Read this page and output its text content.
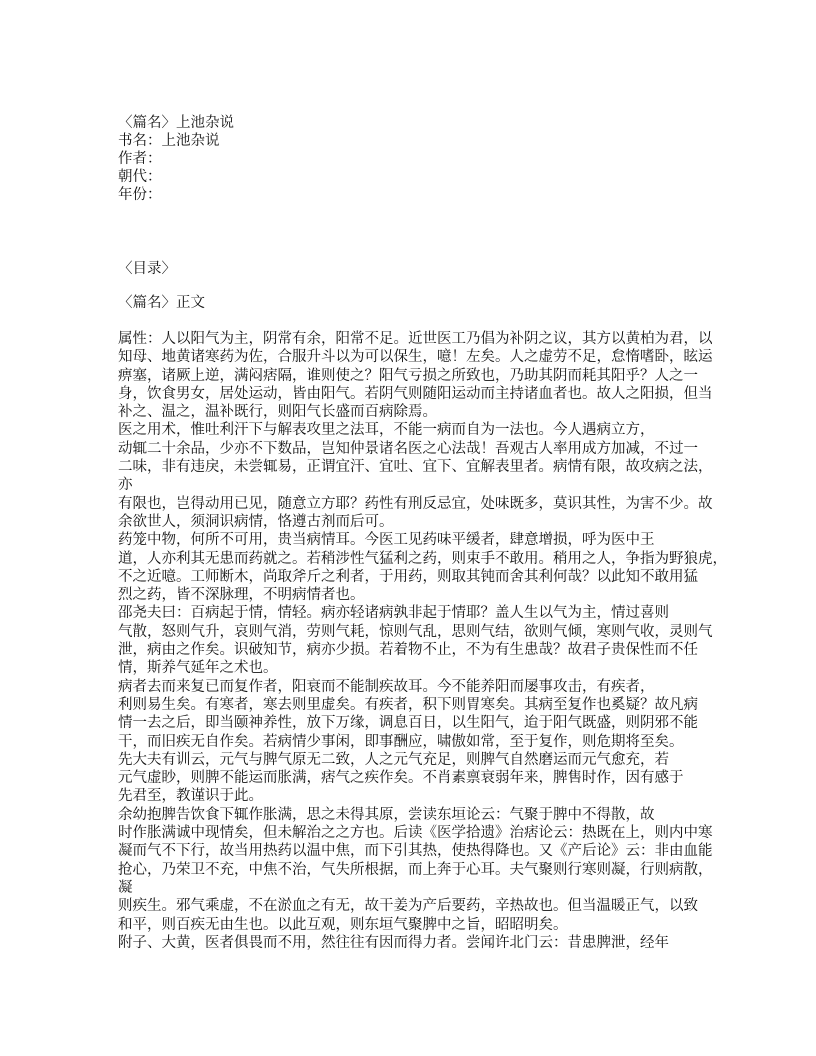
〈篇名〉上池杂说
书名：上池杂说
作者：
朝代：
年份：
〈目录〉
〈篇名〉正文
属性：人以阳气为主，阴常有余，阳常不足。近世医工乃倡为补阴之议，其方以黄柏为君，以
知母、地黄诸寒药为佐，合服升斗以为可以保生，噫！左矣。人之虚劳不足，怠惰嗜卧，眩运
痹塞，诸厥上逆，满闷痞隔，谁则使之？阳气亏损之所致也，乃助其阴而耗其阳乎？人之一
身，饮食男女，居处运动，皆由阳气。若阴气则随阳运动而主持诸血者也。故人之阳损，但当
补之、温之，温补既行，则阳气长盛而百病除焉。
医之用术，惟吐利汗下与解表攻里之法耳，不能一病而自为一法也。今人遇病立方，
动辄二十余品，少亦不下数品，岂知仲景诸名医之心法哉！吾观古人率用成方加减，不过一
二味，非有违戾，未尝辄易，正谓宜汗、宜吐、宜下、宜解表里者。病情有限，故攻病之法，
亦
有限也，岂得动用已见，随意立方耶？药性有刑反忌宜，处味既多，莫识其性，为害不少。故
余欲世人，须洞识病情，恪遵古剂而后可。
药笼中物，何所不可用，贵当病情耳。今医工见药味平缓者，肆意增损，呼为医中王
道，人亦利其无患而药就之。若稍涉性气猛利之药，则束手不敢用。稍用之人，争指为野狼虎，
不之近噫。工师断木，尚取斧斤之利者，于用药，则取其钝而舍其利何哉？以此知不敢用猛
烈之药，皆不深脉理，不明病情者也。
邵尧夫曰：百病起于情，情轻。病亦轻诸病孰非起于情耶？盖人生以气为主，情过喜则
气散，怒则气升，哀则气消，劳则气耗，惊则气乱，思则气结，欲则气倾，寒则气收，灵则气
泄，病由之作矣。识破知节，病亦少损。若着物不止，不为有生患哉？故君子贵保性而不任
情，斯养气延年之术也。
病者去而来复已而复作者，阳衰而不能制疾故耳。今不能养阳而屡事攻击，有疾者，
利则易生矣。有寒者，寒去则里虚矣。有疾者，积下则胃寒矣。其病至复作也奚疑？故凡病
情一去之后，即当颐神养性，放下万缘，调息百日，以生阳气，迨于阳气既盛，则阴邪不能
干，而旧疾无自作矣。若病情少事闲，即事酬应，啸傲如常，至于复作，则危期将至矣。
先大夫有训云，元气与脾气原无二致，人之元气充足，则脾气自然磨运而元气愈充，若
元气虚眇，则脾不能运而胀满，痞气之疾作矣。不肖素禀衰弱年来，脾售时作，因有感于
先君至，教谨识于此。
余幼抱脾告饮食下辄作胀满，思之未得其原，尝读东垣论云：气聚于脾中不得散，故
时作胀满诚中现情矣，但未解治之之方也。后读《医学拾遗》治痞论云：热既在上，则内中寒
凝而气不下行，故当用热药以温中焦，而下引其热，使热得降也。又《产后论》云：非由血能
抢心，乃荣卫不充，中焦不治，气失所根据，而上奔于心耳。夫气聚则行寒则凝，行则病散，
凝
则疾生。邪气乘虚，不在淤血之有无，故干姜为产后要药，辛热故也。但当温暖正气，以致
和平，则百疾无由生也。以此互观，则东垣气聚脾中之旨，昭昭明矣。
附子、大黄，医者俱畏而不用，然往往有因而得力者。尝闻许北门云：昔患脾泄，经年
